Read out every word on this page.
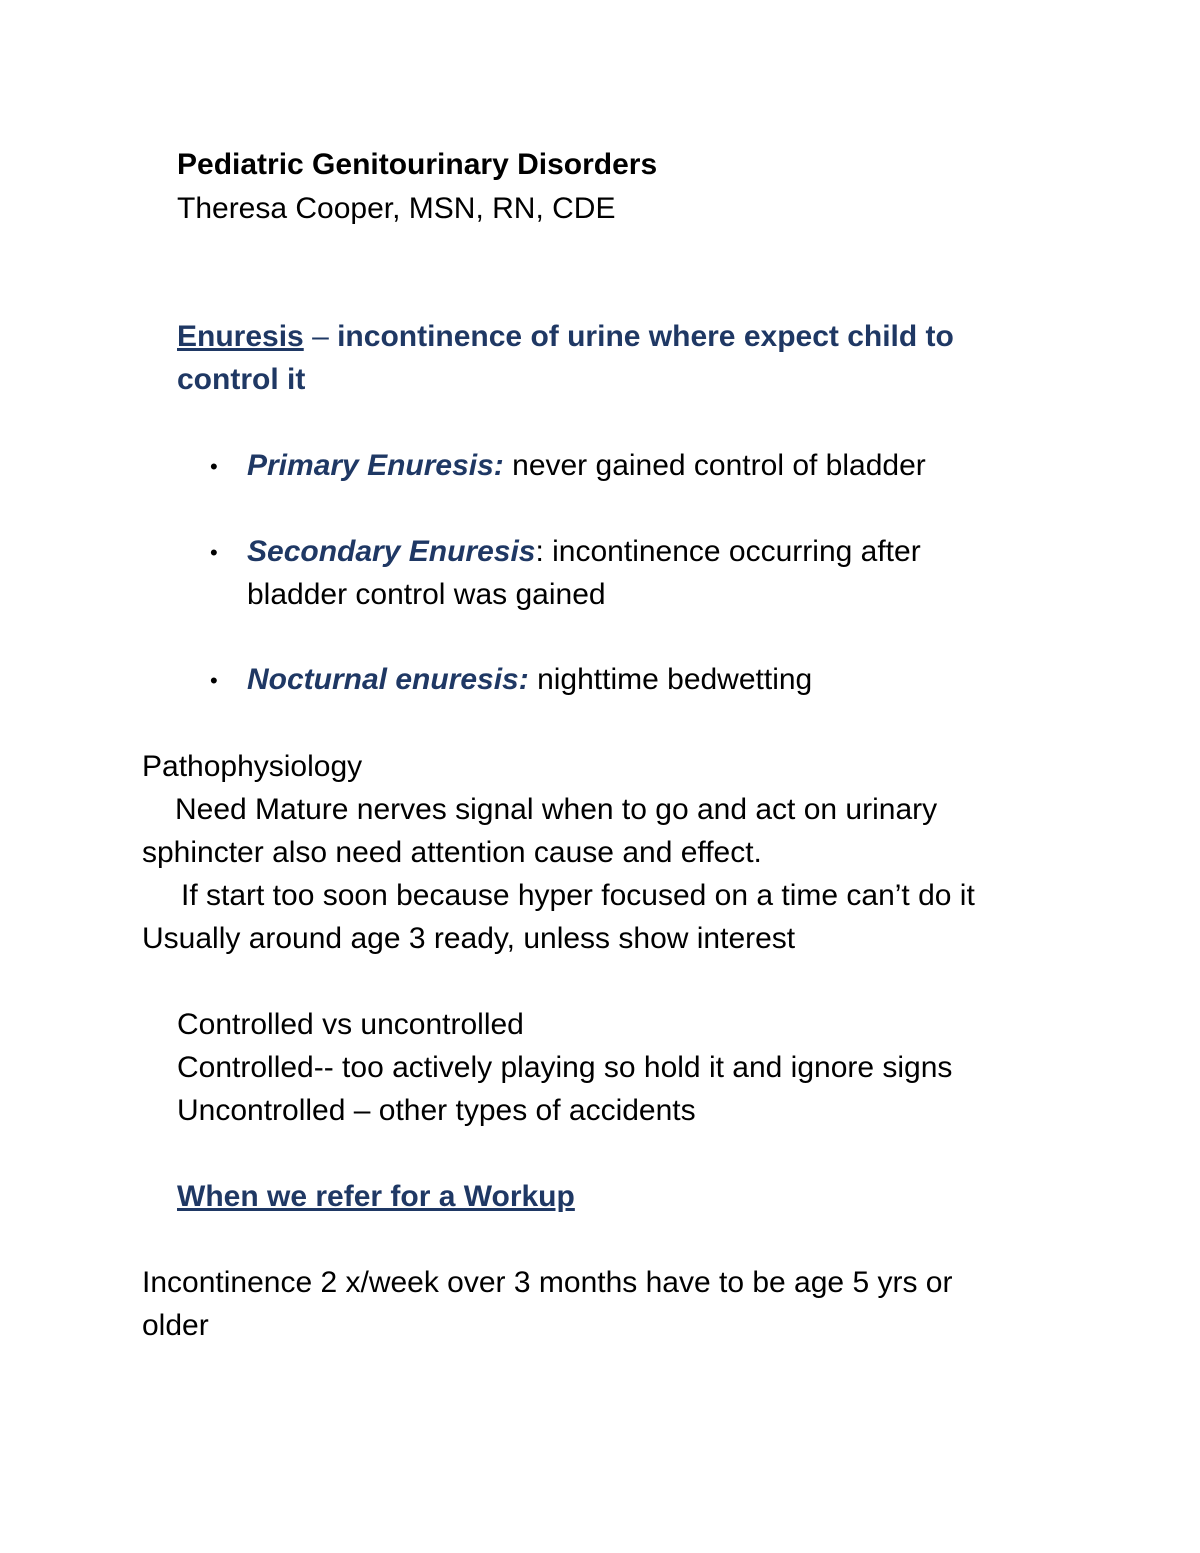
Pediatric Genitourinary Disorders
Theresa Cooper, MSN, RN, CDE
Enuresis – incontinence of urine where expect child to
control it
• Primary Enuresis: never gained control of bladder
• Secondary Enuresis: incontinence occurring after
bladder control was gained
• Nocturnal enuresis: nighttime bedwetting
Pathophysiology
Need Mature nerves signal when to go and act on urinary
sphincter also need attention cause and effect.
If start too soon because hyper focused on a time can’t do it
Usually around age 3 ready, unless show interest
Controlled vs uncontrolled
Controlled-- too actively playing so hold it and ignore signs
Uncontrolled – other types of accidents
When we refer for a Workup
Incontinence 2 x/week over 3 months have to be age 5 yrs or
older
